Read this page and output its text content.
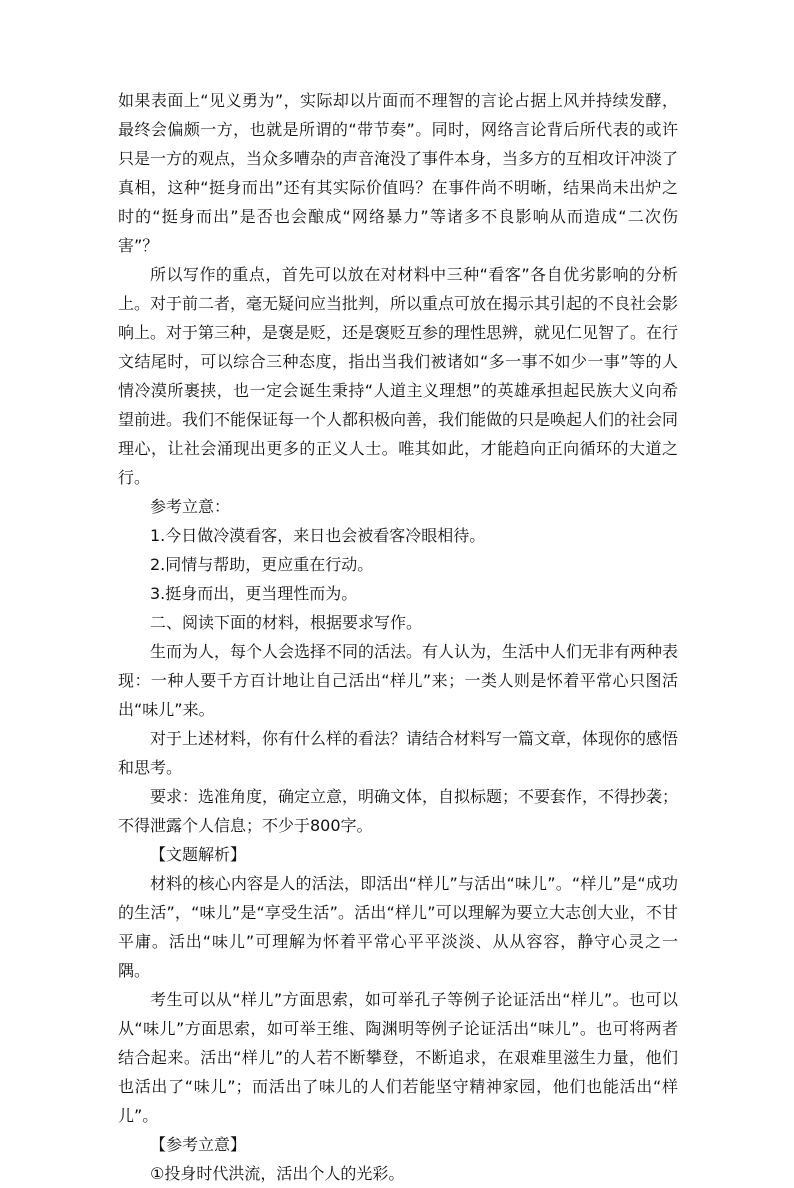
如果表面上“见义勇为”，实际却以片面而不理智的言论占据上风并持续发酵，最终会偏颇一方，也就是所谓的“带节奏”。同时，网络言论背后所代表的或许只是一方的观点，当众多嘈杂的声音淹没了事件本身，当多方的互相攻讦冲淡了真相，这种“挺身而出”还有其实际价值吗？在事件尚不明晰，结果尚未出炉之时的“挺身而出”是否也会酿成“网络暴力”等诸多不良影响从而造成“二次伤害”？

所以写作的重点，首先可以放在对材料中三种“看客”各自优劣影响的分析上。对于前二者，毫无疑问应当批判，所以重点可放在揭示其引起的不良社会影响上。对于第三种，是褒是贬，还是褒贬互参的理性思辨，就见仁见智了。在行文结尾时，可以综合三种态度，指出当我们被诸如“多一事不如少一事”等的人情冷漠所裹挟，也一定会诞生秉持“人道主义理想”的英雄承担起民族大义向希望前进。我们不能保证每一个人都积极向善，我们能做的只是唤起人们的社会同理心，让社会涌现出更多的正义人士。唯其如此，才能趋向正向循环的大道之行。

参考立意：

1.今日做冷漠看客，来日也会被看客冷眼相待。

2.同情与帮助，更应重在行动。

3.挺身而出，更当理性而为。

二、阅读下面的材料，根据要求写作。

生而为人，每个人会选择不同的活法。有人认为，生活中人们无非有两种表现：一种人要千方百计地让自己活出“样儿”来；一类人则是怀着平常心只图活出“味儿”来。

对于上述材料，你有什么样的看法？请结合材料写一篇文章，体现你的感悟和思考。

要求：选准角度，确定立意，明确文体，自拟标题；不要套作，不得抄袭；不得泄露个人信息；不少于800字。

【文题解析】

材料的核心内容是人的活法，即活出“样儿”与活出“味儿”。“样儿”是“成功的生活”，“味儿”是“享受生活”。活出“样儿”可以理解为要立大志创大业，不甘平庸。活出“味儿”可理解为怀着平常心平平淡淡、从从容容，静守心灵之一隅。

考生可以从“样儿”方面思索，如可举孔子等例子论证活出“样儿”。也可以从“味儿”方面思索，如可举王维、陶渊明等例子论证活出“味儿”。也可将两者结合起来。活出“样儿”的人若不断攀登，不断追求，在艰难里滋生力量，他们也活出了“味儿”；而活出了味儿的人们若能坚守精神家园，他们也能活出“样儿”。

【参考立意】

①投身时代洪流，活出个人的光彩。
